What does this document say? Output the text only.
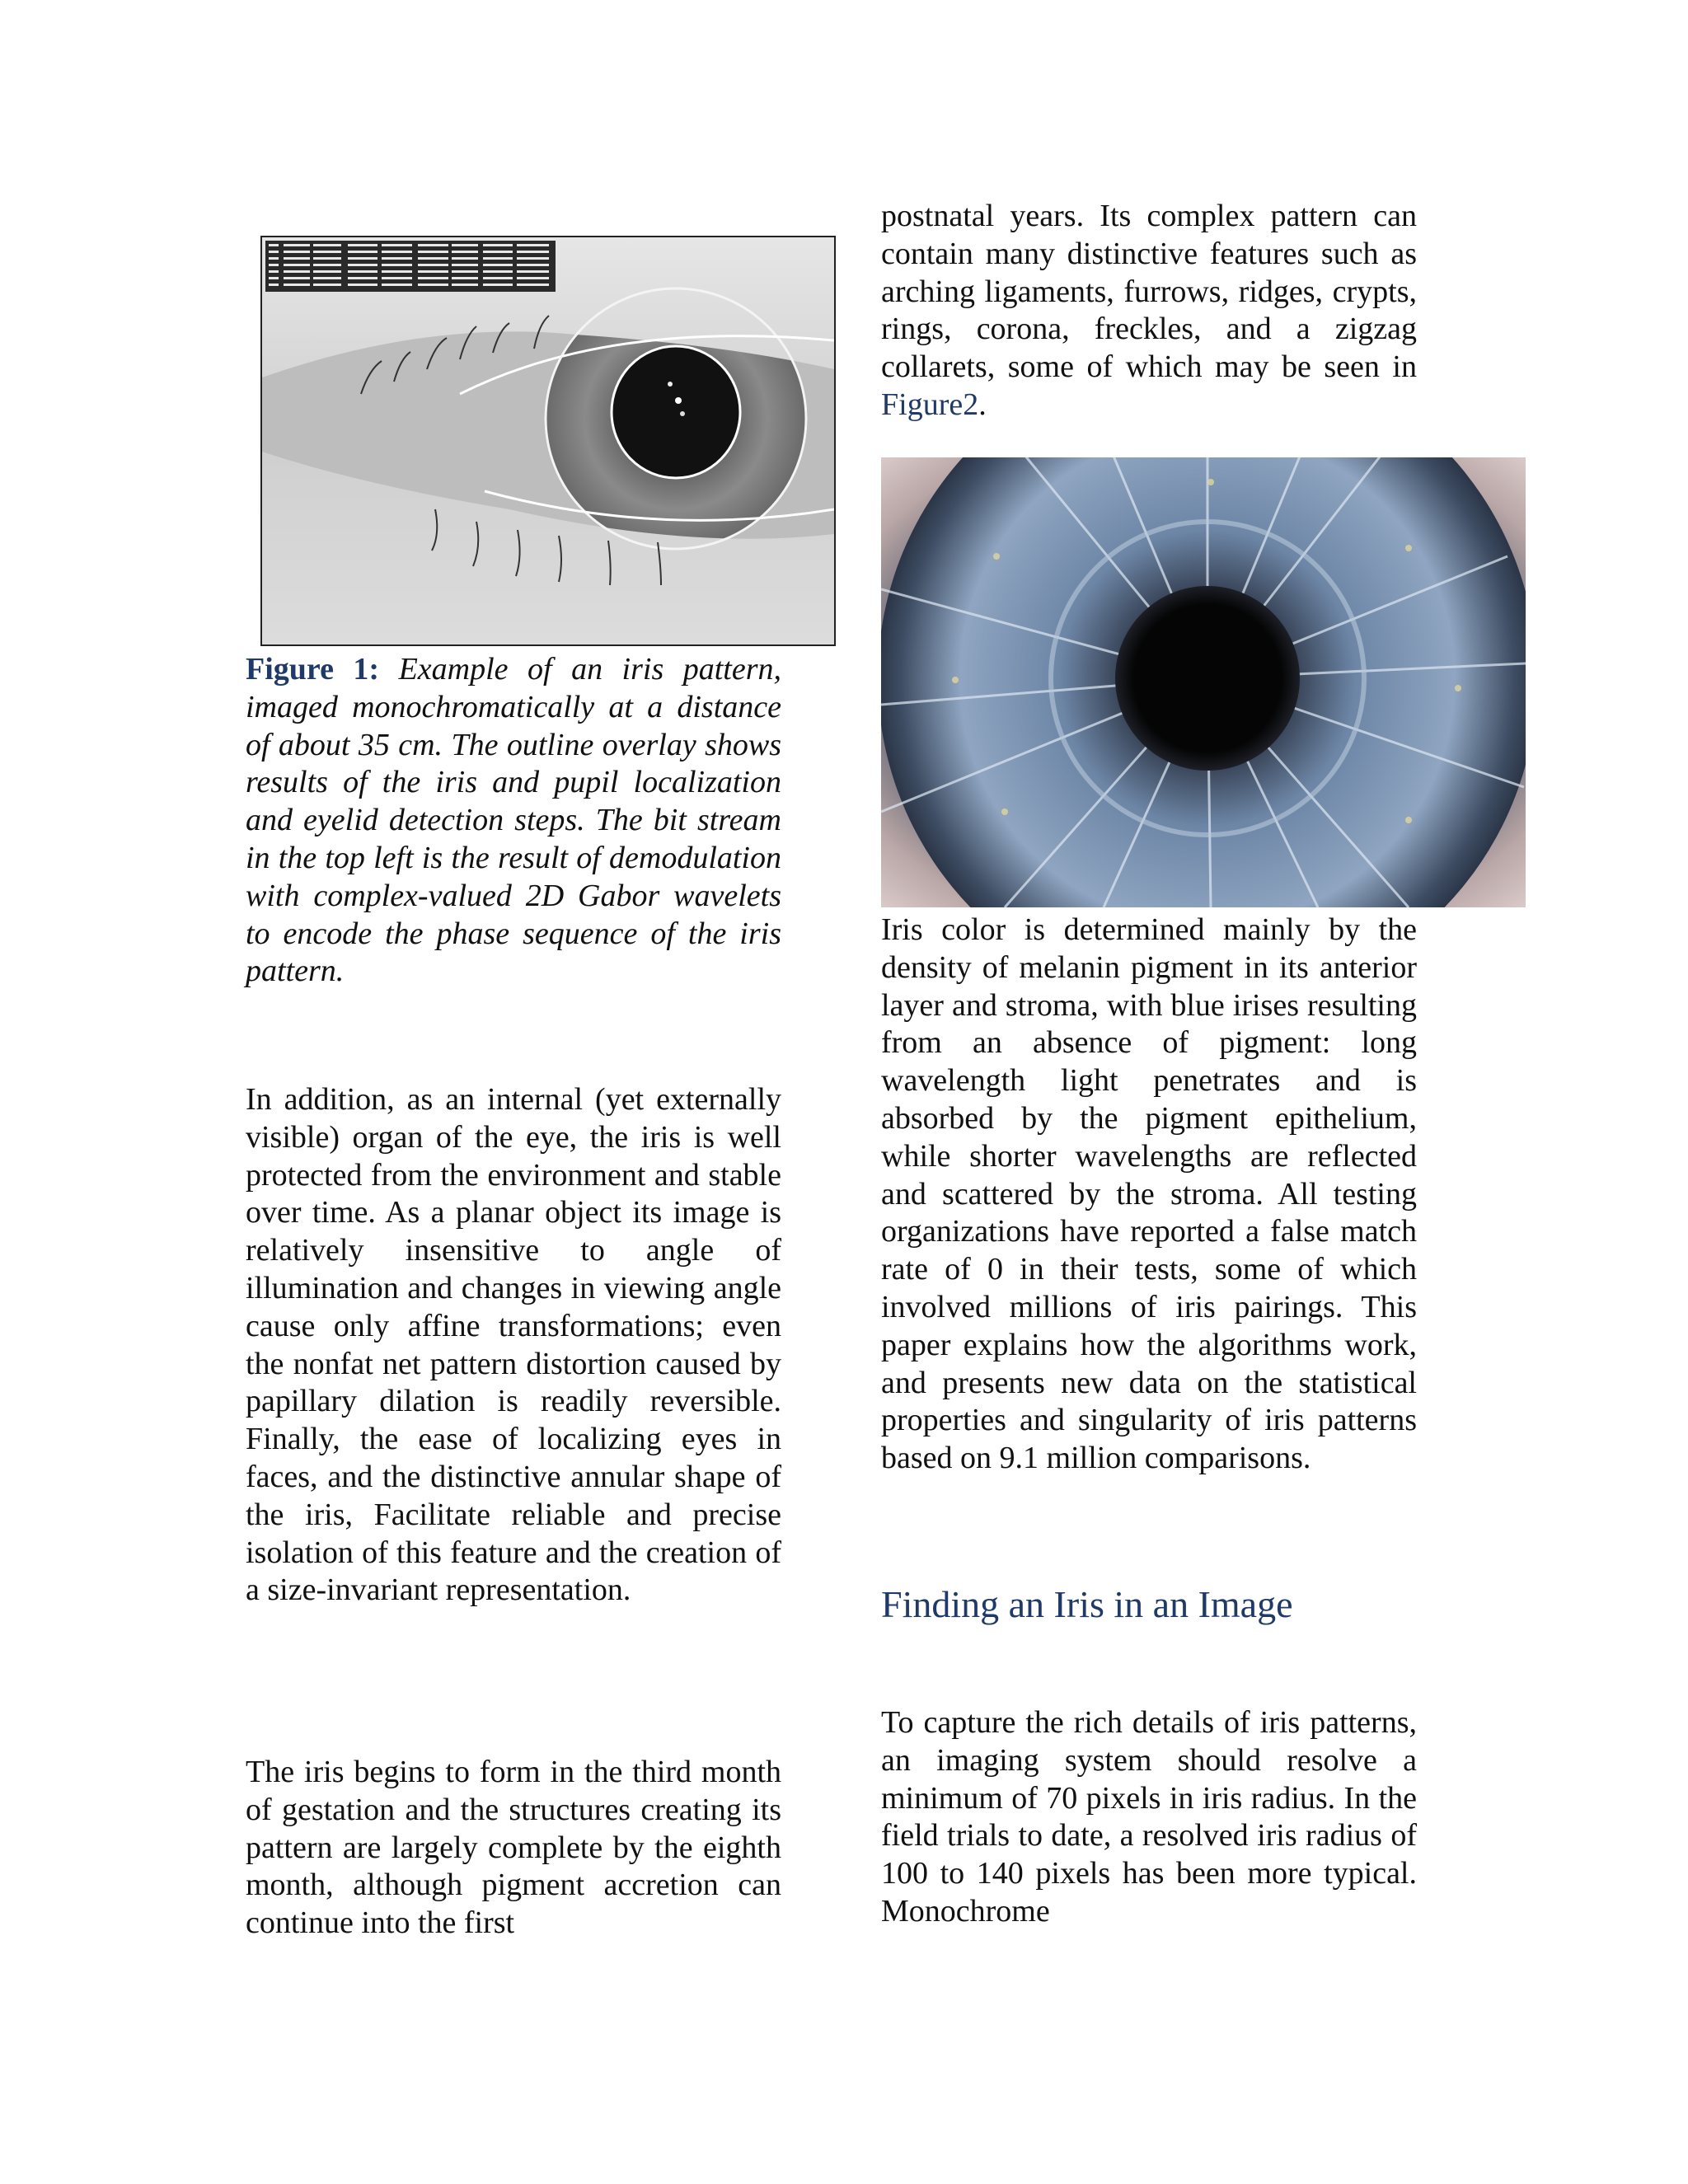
Figure 1: Example of an iris pattern, imaged monochromatically at a distance of about 35 cm. The outline overlay shows results of the iris and pupil localization and eyelid detection steps. The bit stream in the top left is the result of demodulation with complex-valued 2D Gabor wavelets to encode the phase sequence of the iris pattern.

In addition, as an internal (yet externally visible) organ of the eye, the iris is well protected from the environment and stable over time. As a planar object its image is relatively insensitive to angle of illumination and changes in viewing angle cause only affine transformations; even the nonfat net pattern distortion caused by papillary dilation is readily reversible. Finally, the ease of localizing eyes in faces, and the distinctive annular shape of the iris, Facilitate reliable and precise isolation of this feature and the creation of a size-invariant representation.

The iris begins to form in the third month of gestation and the structures creating its pattern are largely complete by the eighth month, although pigment accretion can continue into the first

postnatal years. Its complex pattern can contain many distinctive features such as arching ligaments, furrows, ridges, crypts, rings, corona, freckles, and a zigzag collarets, some of which may be seen in Figure2.

Iris color is determined mainly by the density of melanin pigment in its anterior layer and stroma, with blue irises resulting from an absence of pigment: long wavelength light penetrates and is absorbed by the pigment epithelium, while shorter wavelengths are reflected and scattered by the stroma. All testing organizations have reported a false match rate of 0 in their tests, some of which involved millions of iris pairings. This paper explains how the algorithms work, and presents new data on the statistical properties and singularity of iris patterns based on 9.1 million comparisons.

Finding an Iris in an Image

To capture the rich details of iris patterns, an imaging system should resolve a minimum of 70 pixels in iris radius. In the field trials to date, a resolved iris radius of 100 to 140 pixels has been more typical. Monochrome
